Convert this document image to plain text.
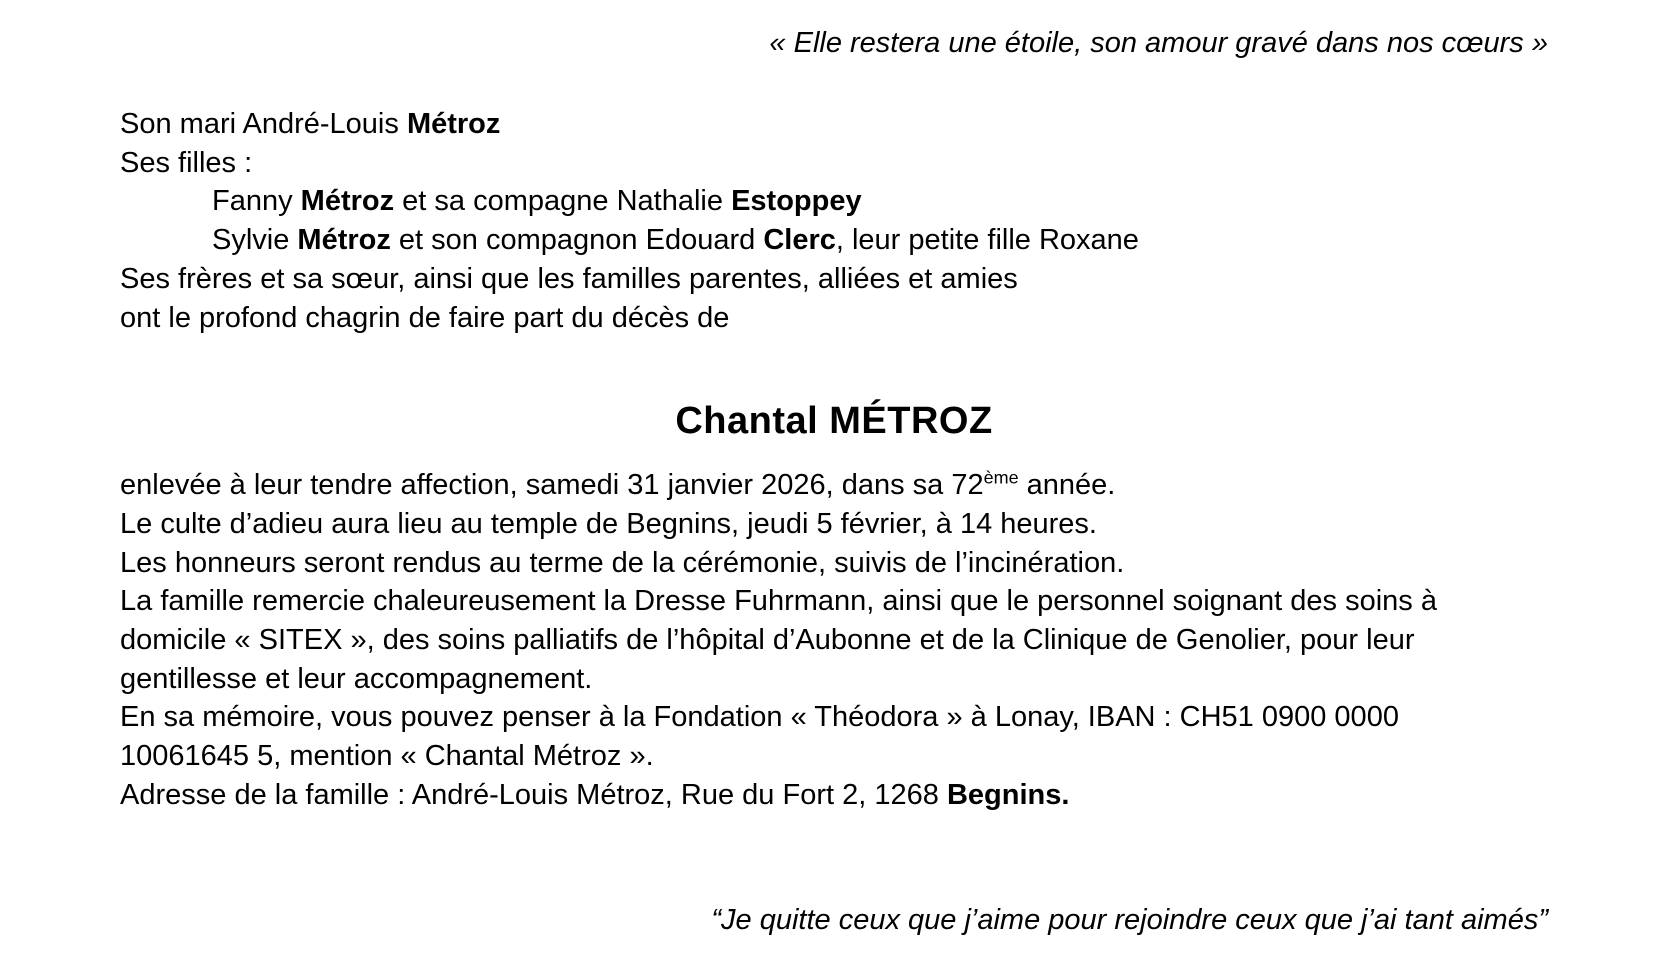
« Elle restera une étoile, son amour gravé dans nos cœurs »
Son mari André-Louis Métroz
Ses filles :
Fanny Métroz et sa compagne Nathalie Estoppey
Sylvie Métroz et son compagnon Edouard Clerc, leur petite fille Roxane
Ses frères et sa sœur, ainsi que les familles parentes, alliées et amies
ont le profond chagrin de faire part du décès de
Chantal MÉTROZ
enlevée à leur tendre affection, samedi 31 janvier 2026, dans sa 72ème année.
Le culte d’adieu aura lieu au temple de Begnins, jeudi 5 février, à 14 heures.
Les honneurs seront rendus au terme de la cérémonie, suivis de l’incinération.
La famille remercie chaleureusement la Dresse Fuhrmann, ainsi que le personnel soignant des soins à
domicile « SITEX », des soins palliatifs de l’hôpital d’Aubonne et de la Clinique de Genolier, pour leur
gentillesse et leur accompagnement.
En sa mémoire, vous pouvez penser à la Fondation « Théodora » à Lonay, IBAN : CH51 0900 0000
10061645 5, mention « Chantal Métroz ».
Adresse de la famille : André-Louis Métroz, Rue du Fort 2, 1268 Begnins.
“Je quitte ceux que j’aime pour rejoindre ceux que j’ai tant aimés”
